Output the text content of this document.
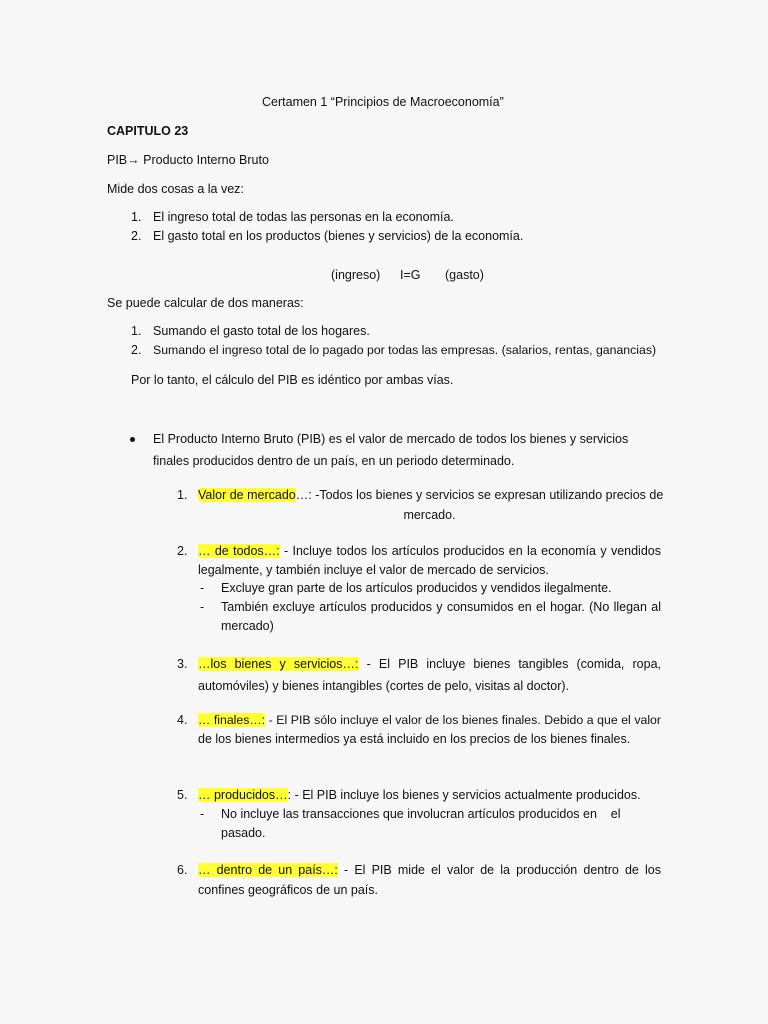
Certamen 1 “Principios de Macroeconomía”
CAPITULO 23
PIB→ Producto Interno Bruto
Mide dos cosas a la vez:
1. El ingreso total de todas las personas en la economía.
2. El gasto total en los productos (bienes y servicios) de la economía.
(ingreso) I=G (gasto)
Se puede calcular de dos maneras:
1. Sumando el gasto total de los hogares.
2. Sumando el ingreso total de lo pagado por todas las empresas. (salarios, rentas, ganancias)
Por lo tanto, el cálculo del PIB es idéntico por ambas vías.
El Producto Interno Bruto (PIB) es el valor de mercado de todos los bienes y servicios
finales producidos dentro de un país, en un periodo determinado.
1. Valor de mercado…: -Todos los bienes y servicios se expresan utilizando precios de
mercado.
2. … de todos…: - Incluye todos los artículos producidos en la economía y vendidos
legalmente, y también incluye el valor de mercado de servicios.
- Excluye gran parte de los artículos producidos y vendidos ilegalmente.
- También excluye artículos producidos y consumidos en el hogar. (No llegan al
mercado)
3. …los bienes y servicios…: - El PIB incluye bienes tangibles (comida, ropa,
automóviles) y bienes intangibles (cortes de pelo, visitas al doctor).
4. … finales…: - El PIB sólo incluye el valor de los bienes finales. Debido a que el valor
de los bienes intermedios ya está incluido en los precios de los bienes finales.
5. … producidos…: - El PIB incluye los bienes y servicios actualmente producidos.
- No incluye las transacciones que involucran artículos producidos en    el
pasado.
6. … dentro de un país…: - El PIB mide el valor de la producción dentro de los
confines geográficos de un país.
